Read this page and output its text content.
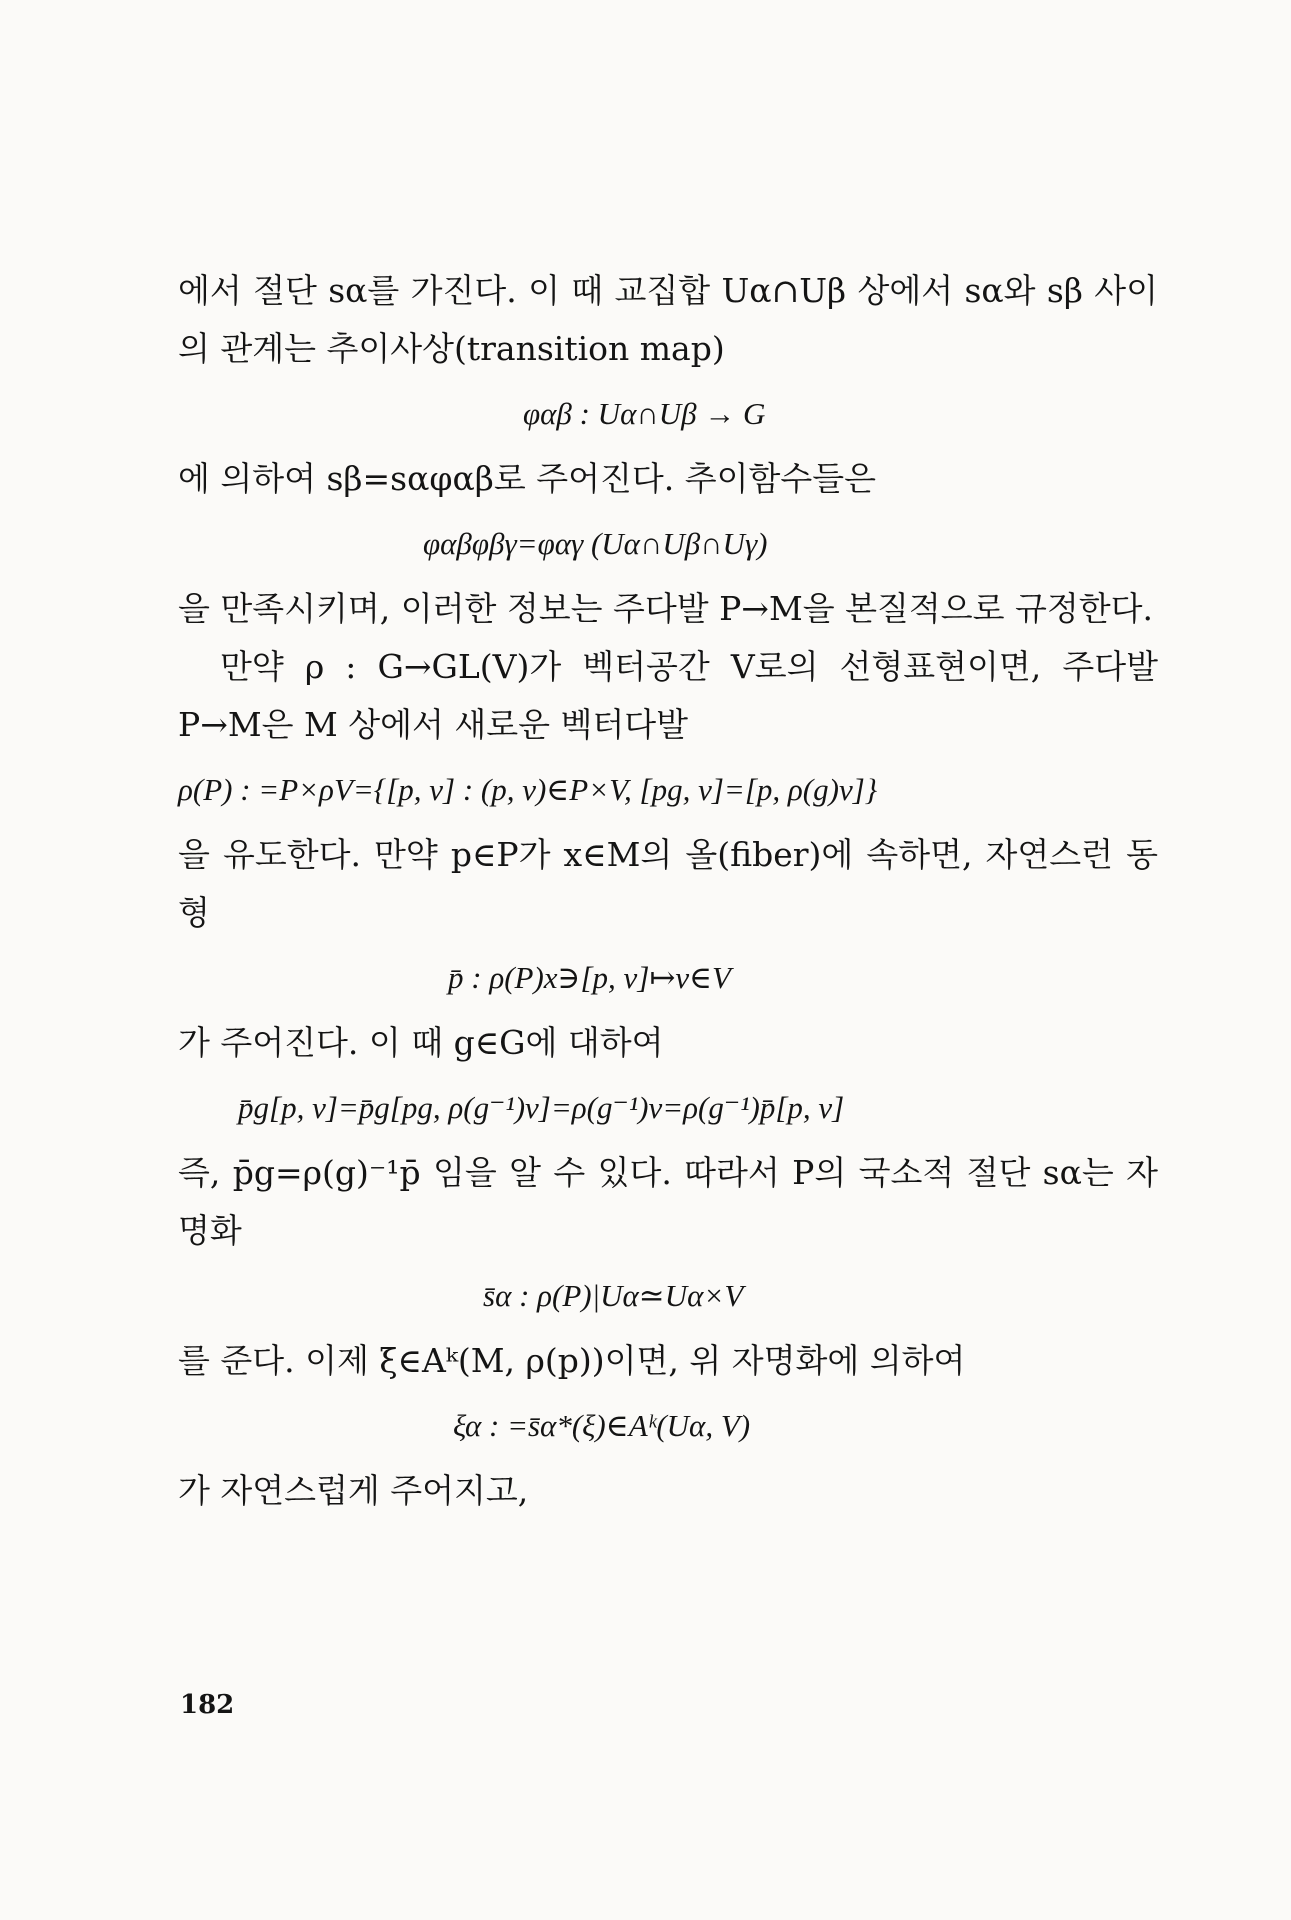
에서 절단 sα를 가진다. 이 때 교집합 Uα∩Uβ 상에서 sα와 sβ 사이의 관계는 추이사상(transition map)

φαβ : Uα∩Uβ → G

에 의하여 sβ=sαφαβ로 주어진다. 추이함수들은

φαβφβγ=φαγ (Uα∩Uβ∩Uγ)

을 만족시키며, 이러한 정보는 주다발 P→M을 본질적으로 규정한다.

만약 ρ : G→GL(V)가 벡터공간 V로의 선형표현이면, 주다발 P→M은 M 상에서 새로운 벡터다발

ρ(P) : =P×ρV={[p, v] : (p, v)∈P×V, [pg, v]=[p, ρ(g)v]}

을 유도한다. 만약 p∈P가 x∈M의 올(fiber)에 속하면, 자연스런 동형

p̄ : ρ(P)x∋[p, v]↦v∈V

가 주어진다. 이 때 g∈G에 대하여

p̄g[p, v]=p̄g[pg, ρ(g⁻¹)v]=ρ(g⁻¹)v=ρ(g⁻¹)p̄[p, v]

즉, p̄g=ρ(g)⁻¹p̄ 임을 알 수 있다. 따라서 P의 국소적 절단 sα는 자명화

s̄α : ρ(P)|Uα≃Uα×V

를 준다. 이제 ξ∈Aᵏ(M, ρ(p))이면, 위 자명화에 의하여

ξα : =s̄α*(ξ)∈Aᵏ(Uα, V)

가 자연스럽게 주어지고,

182
